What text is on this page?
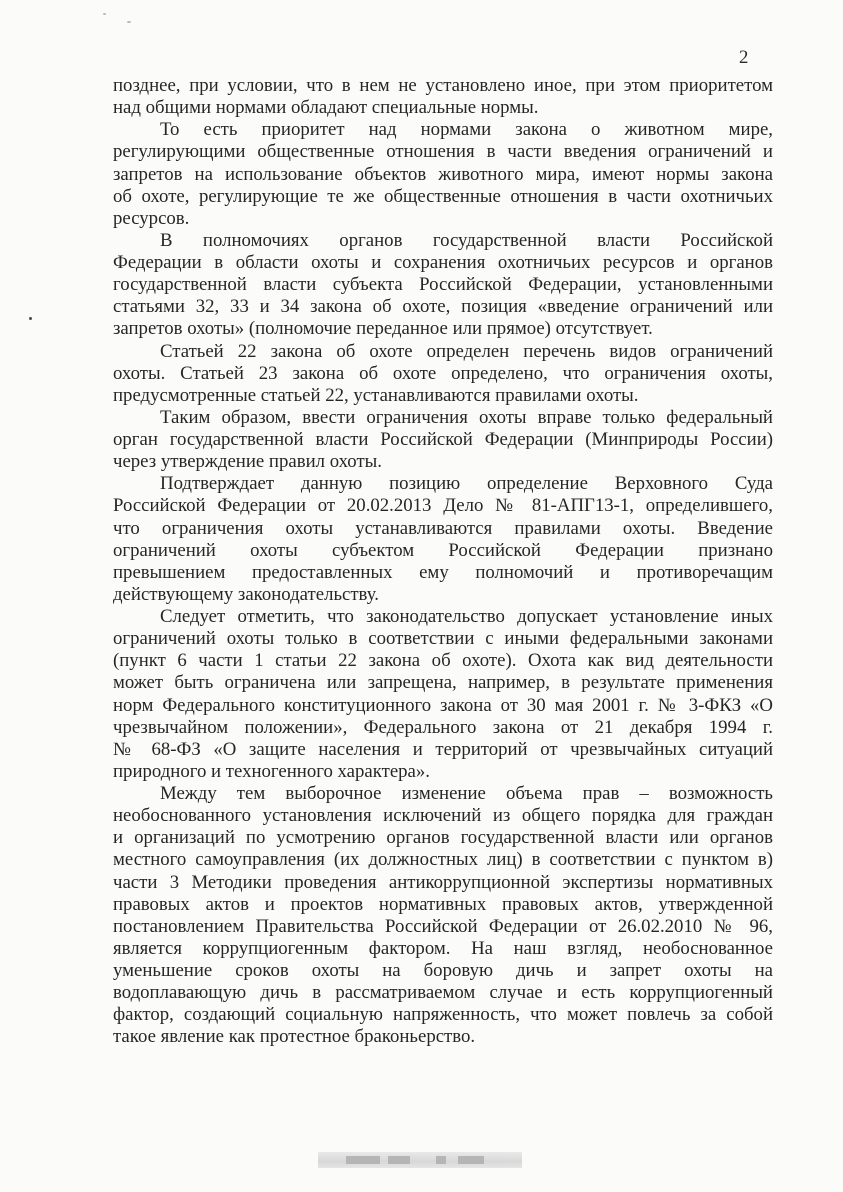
2
позднее, при условии, что в нем не установлено иное, при этом приоритетом
над общими нормами обладают специальные нормы.
То есть приоритет над нормами закона о животном мире,
регулирующими общественные отношения в части введения ограничений и
запретов на использование объектов животного мира, имеют нормы закона
об охоте, регулирующие те же общественные отношения в части охотничьих
ресурсов.
В полномочиях органов государственной власти Российской
Федерации в области охоты и сохранения охотничьих ресурсов и органов
государственной власти субъекта Российской Федерации, установленными
статьями 32, 33 и 34 закона об охоте, позиция «введение ограничений или
запретов охоты» (полномочие переданное или прямое) отсутствует.
Статьей 22 закона об охоте определен перечень видов ограничений
охоты. Статьей 23 закона об охоте определено, что ограничения охоты,
предусмотренные статьей 22, устанавливаются правилами охоты.
Таким образом, ввести ограничения охоты вправе только федеральный
орган государственной власти Российской Федерации (Минприроды России)
через утверждение правил охоты.
Подтверждает данную позицию определение Верховного Суда
Российской Федерации от 20.02.2013 Дело № 81-АПГ13-1, определившего,
что ограничения охоты устанавливаются правилами охоты. Введение
ограничений охоты субъектом Российской Федерации признано
превышением предоставленных ему полномочий и противоречащим
действующему законодательству.
Следует отметить, что законодательство допускает установление иных
ограничений охоты только в соответствии с иными федеральными законами
(пункт 6 части 1 статьи 22 закона об охоте). Охота как вид деятельности
может быть ограничена или запрещена, например, в результате применения
норм Федерального конституционного закона от 30 мая 2001 г. № 3-ФКЗ «О
чрезвычайном положении», Федерального закона от 21 декабря 1994 г.
№ 68-ФЗ «О защите населения и территорий от чрезвычайных ситуаций
природного и техногенного характера».
Между тем выборочное изменение объема прав – возможность
необоснованного установления исключений из общего порядка для граждан
и организаций по усмотрению органов государственной власти или органов
местного самоуправления (их должностных лиц) в соответствии с пунктом в)
части 3 Методики проведения антикоррупционной экспертизы нормативных
правовых актов и проектов нормативных правовых актов, утвержденной
постановлением Правительства Российской Федерации от 26.02.2010 № 96,
является коррупциогенным фактором. На наш взгляд, необоснованное
уменьшение сроков охоты на боровую дичь и запрет охоты на
водоплавающую дичь в рассматриваемом случае и есть коррупциогенный
фактор, создающий социальную напряженность, что может повлечь за собой
такое явление как протестное браконьерство.
